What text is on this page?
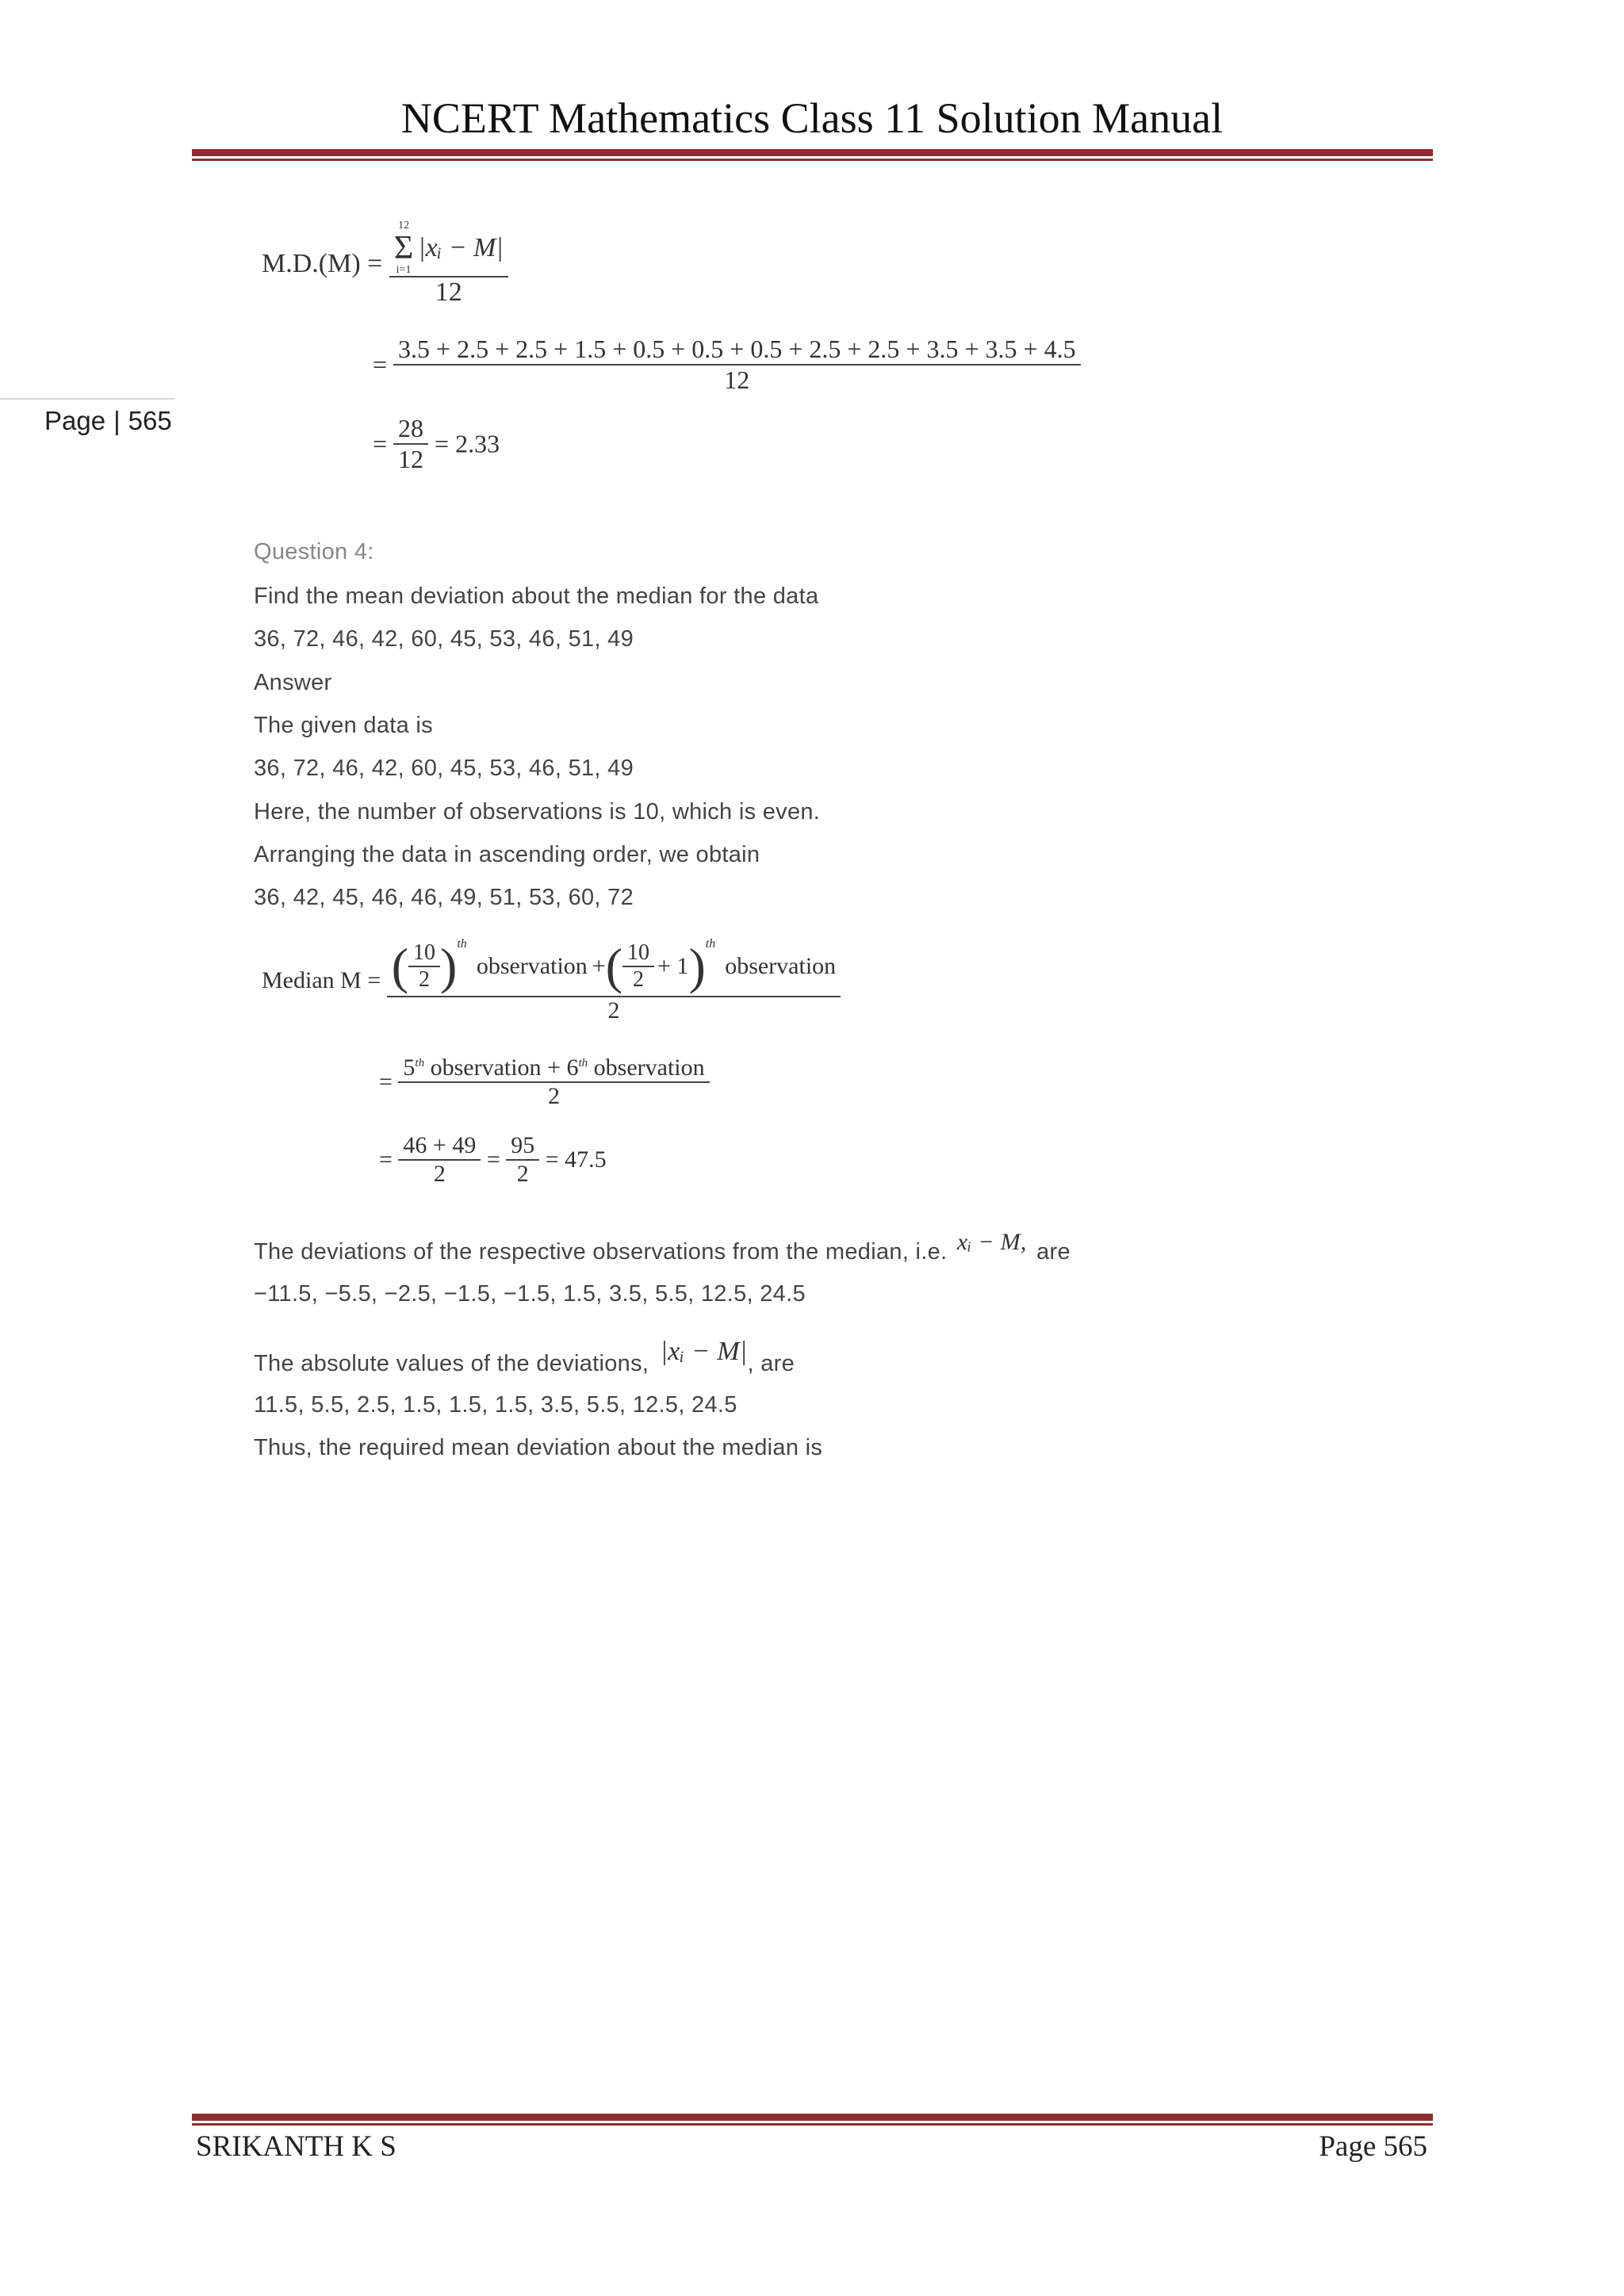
NCERT Mathematics Class 11 Solution Manual
Page | 565
M.D.(M) = 12
Σ
i=1
|xᵢ − M|
12
=
3.5 + 2.5 + 2.5 + 1.5 + 0.5 + 0.5 + 0.5 + 2.5 + 2.5 + 3.5 + 3.5 + 4.5
12
= $\frac{28}{12} = 2.33$
Question 4:
Find the mean deviation about the median for the data
36, 72, 46, 42, 60, 45, 53, 46, 51, 49
Answer
The given data is
36, 72, 46, 42, 60, 45, 53, 46, 51, 49
Here, the number of observations is 10, which is even.
Arranging the data in ascending order, we obtain
36, 42, 45, 46, 46, 49, 51, 53, 60, 72
Median M = ( $\frac{10}{2} )^{th}$
observation + ( $\frac{10}{2} + 1$ )$^{th}$
observation
2
= $\frac{5^{th} observation + 6^{th} observation}{2}$
= $\frac{46 + 49}{2} = \frac{95}{2} = 47.5$
The deviations of the respective observations from the median, i.e. xᵢ − M, are
−11.5, −5.5, −2.5, −1.5, −1.5, 1.5, 3.5, 5.5, 12.5, 24.5
The absolute values of the deviations, |xᵢ − M|, are
11.5, 5.5, 2.5, 1.5, 1.5, 1.5, 3.5, 5.5, 12.5, 24.5
Thus, the required mean deviation about the median is
SRIKANTH K S	Page 565
